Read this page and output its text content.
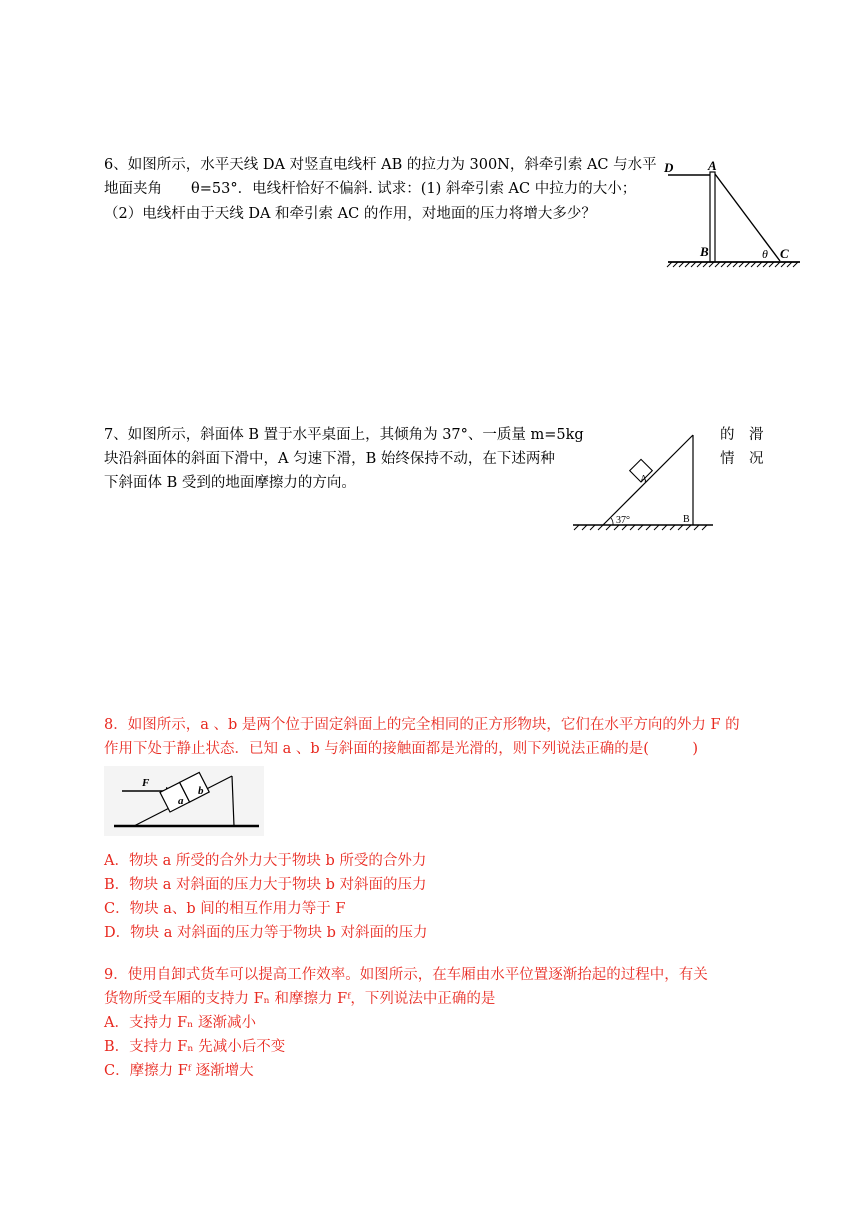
6、如图所示，水平天线 DA 对竖直电线杆 AB 的拉力为 300N，斜牵引索 AC 与水平
地面夹角　　θ=53°．电线杆恰好不偏斜. 试求：(1) 斜牵引索 AC 中拉力的大小；
（2）电线杆由于天线 DA 和牵引索 AC 的作用，对地面的压力将增大多少？
D	A
B	θ C
7、如图所示，斜面体 B 置于水平桌面上，其倾角为 37°、一质量 m=5kg
块沿斜面体的斜面下滑中，A 匀速下滑，B 始终保持不动，在下述两种
下斜面体 B 受到的地面摩擦力的方向。
的　滑
情　况
A
37°	B
8．如图所示，a 、b 是两个位于固定斜面上的完全相同的正方形物块，它们在水平方向的外力 F 的
作用下处于静止状态．已知 a 、b 与斜面的接触面都是光滑的，则下列说法正确的是(　　　)
F
a
b
A．物块 a 所受的合外力大于物块 b 所受的合外力
B．物块 a 对斜面的压力大于物块 b 对斜面的压力
C．物块 a、b 间的相互作用力等于 F
D．物块 a 对斜面的压力等于物块 b 对斜面的压力
9．使用自卸式货车可以提高工作效率。如图所示，在车厢由水平位置逐渐抬起的过程中，有关
货物所受车厢的支持力 Fₙ 和摩擦力 Fᶠ，下列说法中正确的是
A．支持力 Fₙ 逐渐减小
B．支持力 Fₙ 先减小后不变
C．摩擦力 Fᶠ 逐渐增大
